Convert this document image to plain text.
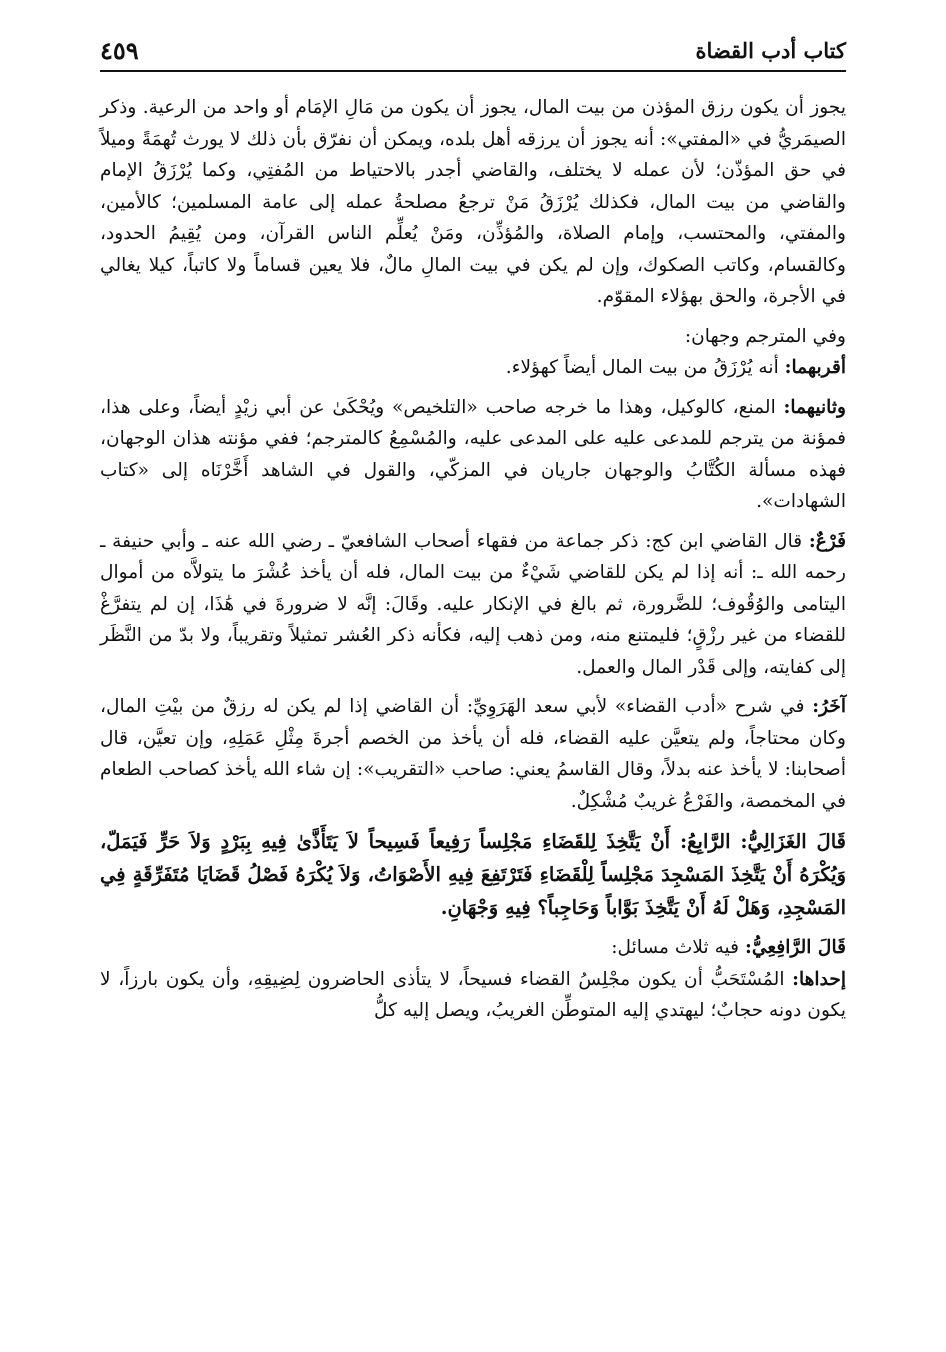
كتاب أدب القضاة
٤٥٩

يجوز أن يكون رزق المؤذن من بيت المال، يجوز أن يكون من مَالِ الإمَام أو واحد من الرعية. وذكر الصيمَريُّ في «المفتي»: أنه يجوز أن يرزقه أهل بلده، ويمكن أن نفرّق بأن ذلك لا يورث تُهمَةً وميلاً في حق المؤذّن؛ لأن عمله لا يختلف، والقاضي أجدر بالاحتياط من المُفتِي، وكما يُرْزَقُ الإمام والقاضي من بيت المال، فكذلك يُرْزَقُ مَنْ ترجعُ مصلحةُ عمله إلى عامة المسلمين؛ كالأمين، والمفتي، والمحتسب، وإمام الصلاة، والمُؤذِّن، ومَنْ يُعلِّم الناس القرآن، ومن يُقِيمُ الحدود، وكالقسام، وكاتب الصكوك، وإن لم يكن في بيت المالِ مالٌ، فلا يعين قساماً ولا كاتباً، كيلا يغالي في الأجرة، والحق بهؤلاء المقوّم.

وفي المترجم وجهان:

أقربهما: أنه يُرْزَقُ من بيت المال أيضاً كهؤلاء.

وثانيهما: المنع، كالوكيل، وهذا ما خرجه صاحب «التلخيص» ويُحْكَىٰ عن أبي زيْدٍ أيضاً، وعلى هذا، فمؤنة من يترجم للمدعى عليه على المدعى عليه، والمُسْمِعُ كالمترجم؛ ففي مؤنته هذان الوجهان، فهذه مسألة الكُتَّابُ والوجهان جاريان في المزكّي، والقول في الشاهد أَخَّرْنَاه إلى «كتاب الشهادات».

فَرْعٌ: قال القاضي ابن كج: ذكر جماعة من فقهاء أصحاب الشافعيّ ـ رضي الله عنه ـ وأبي حنيفة ـ رحمه الله ـ: أنه إذا لم يكن للقاضي شَيْءٌ من بيت المال، فله أن يأخذ عُشْرَ ما يتولاَّه من أموال اليتامى والوُقُوف؛ للضَّرورة، ثم بالغ في الإنكار عليه. وقَالَ: إنَّه لا ضرورةَ في هَٰذَا، إن لم يتفرَّغْ للقضاء من غير رزْقٍ؛ فليمتنع منه، ومن ذهب إليه، فكأنه ذكر العُشر تمثيلاً وتقريباً، ولا بدّ من النَّظَر إلى كفايته، وإلى قَدْر المال والعمل.

آخَرُ: في شرح «أدب القضاء» لأبي سعد الهَرَوِيِّ: أن القاضي إذا لم يكن له رزقٌ من بيْتِ المال، وكان محتاجاً، ولم يتعيَّن عليه القضاء، فله أن يأخذ من الخصم أجرةَ مِثْلِ عَمَلِهِ، وإن تعيَّن، قال أصحابنا: لا يأخذ عنه بدلاً، وقال القاسمُ يعني: صاحب «التقريب»: إن شاء الله يأخذ كصاحب الطعام في المخمصة، والفَرْعُ غريبٌ مُشْكِلٌ.

قَالَ الغَزَالِيُّ: الرَّابِعُ: أَنْ يَتَّخِذَ لِلقَضَاءِ مَجْلِساً رَفِيعاً فَسِيحاً لاَ يَتَأَذَّىٰ فِيهِ بِبَرْدٍ وَلاَ حَرٍّ فَيَمَلّ، وَيُكْرَهُ أَنْ يَتَّخِذَ المَسْجِدَ مَجْلِساً لِلْقَضَاءِ فَتَرْتَفِعَ فِيهِ الأَصْوَاتُ، وَلاَ يُكْرَهُ فَصْلُ قَضَايَا مُتَفَرِّقَةٍ فِي المَسْجِدِ، وَهَلْ لَهُ أَنْ يَتَّخِذَ بَوَّاباً وَحَاجِباً؟ فِيهِ وَجْهَانِ.

قَالَ الرَّافِعِيُّ: فيه ثلاث مسائل:

إحداها: المُسْتَحَبُّ أن يكون مجْلِسُ القضاء فسيحاً، لا يتأذى الحاضرون لِضِيقِهِ، وأن يكون بارزاً، لا يكون دونه حجابٌ؛ ليهتدي إليه المتوطِّن الغريبُ، ويصل إليه كلُّ
